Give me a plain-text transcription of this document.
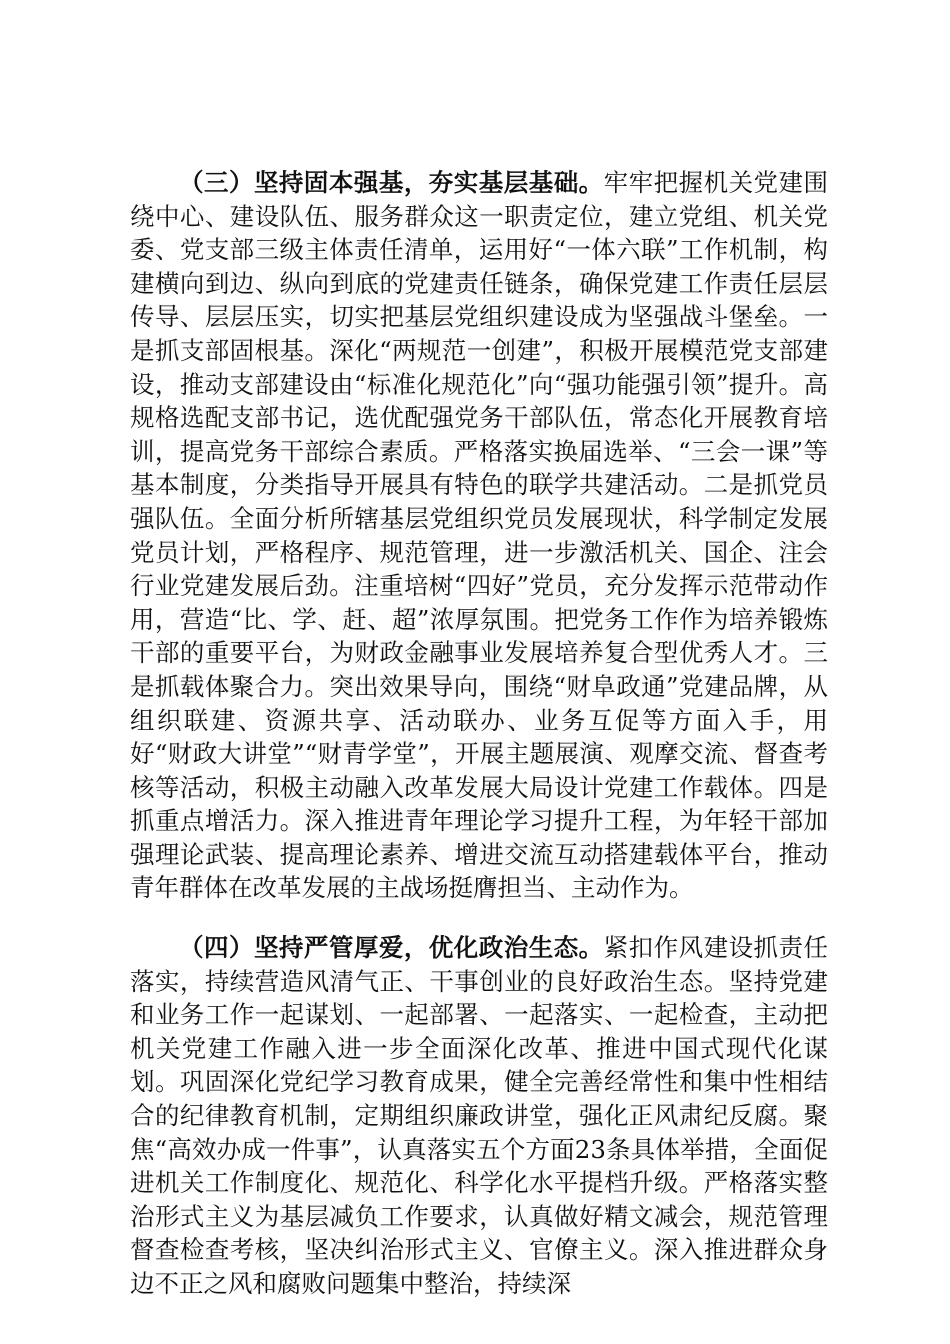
（三）坚持固本强基，夯实基层基础。牢牢把握机关党建围绕中心、建设队伍、服务群众这一职责定位，建立党组、机关党委、党支部三级主体责任清单，运用好“一体六联”工作机制，构建横向到边、纵向到底的党建责任链条，确保党建工作责任层层传导、层层压实，切实把基层党组织建设成为坚强战斗堡垒。一是抓支部固根基。深化“两规范一创建”，积极开展模范党支部建设，推动支部建设由“标准化规范化”向“强功能强引领”提升。高规格选配支部书记，选优配强党务干部队伍，常态化开展教育培训，提高党务干部综合素质。严格落实换届选举、“三会一课”等基本制度，分类指导开展具有特色的联学共建活动。二是抓党员强队伍。全面分析所辖基层党组织党员发展现状，科学制定发展党员计划，严格程序、规范管理，进一步激活机关、国企、注会行业党建发展后劲。注重培树“四好”党员，充分发挥示范带动作用，营造“比、学、赶、超”浓厚氛围。把党务工作作为培养锻炼干部的重要平台，为财政金融事业发展培养复合型优秀人才。三是抓载体聚合力。突出效果导向，围绕“财阜政通”党建品牌，从组织联建、资源共享、活动联办、业务互促等方面入手，用好“财政大讲堂”“财青学堂”，开展主题展演、观摩交流、督查考核等活动，积极主动融入改革发展大局设计党建工作载体。四是抓重点增活力。深入推进青年理论学习提升工程，为年轻干部加强理论武装、提高理论素养、增进交流互动搭建载体平台，推动青年群体在改革发展的主战场挺膺担当、主动作为。

（四）坚持严管厚爱，优化政治生态。紧扣作风建设抓责任落实，持续营造风清气正、干事创业的良好政治生态。坚持党建和业务工作一起谋划、一起部署、一起落实、一起检查，主动把机关党建工作融入进一步全面深化改革、推进中国式现代化谋划。巩固深化党纪学习教育成果，健全完善经常性和集中性相结合的纪律教育机制，定期组织廉政讲堂，强化正风肃纪反腐。聚焦“高效办成一件事”，认真落实五个方面23条具体举措，全面促进机关工作制度化、规范化、科学化水平提档升级。严格落实整治形式主义为基层减负工作要求，认真做好精文减会，规范管理督查检查考核，坚决纠治形式主义、官僚主义。深入推进群众身边不正之风和腐败问题集中整治，持续深
